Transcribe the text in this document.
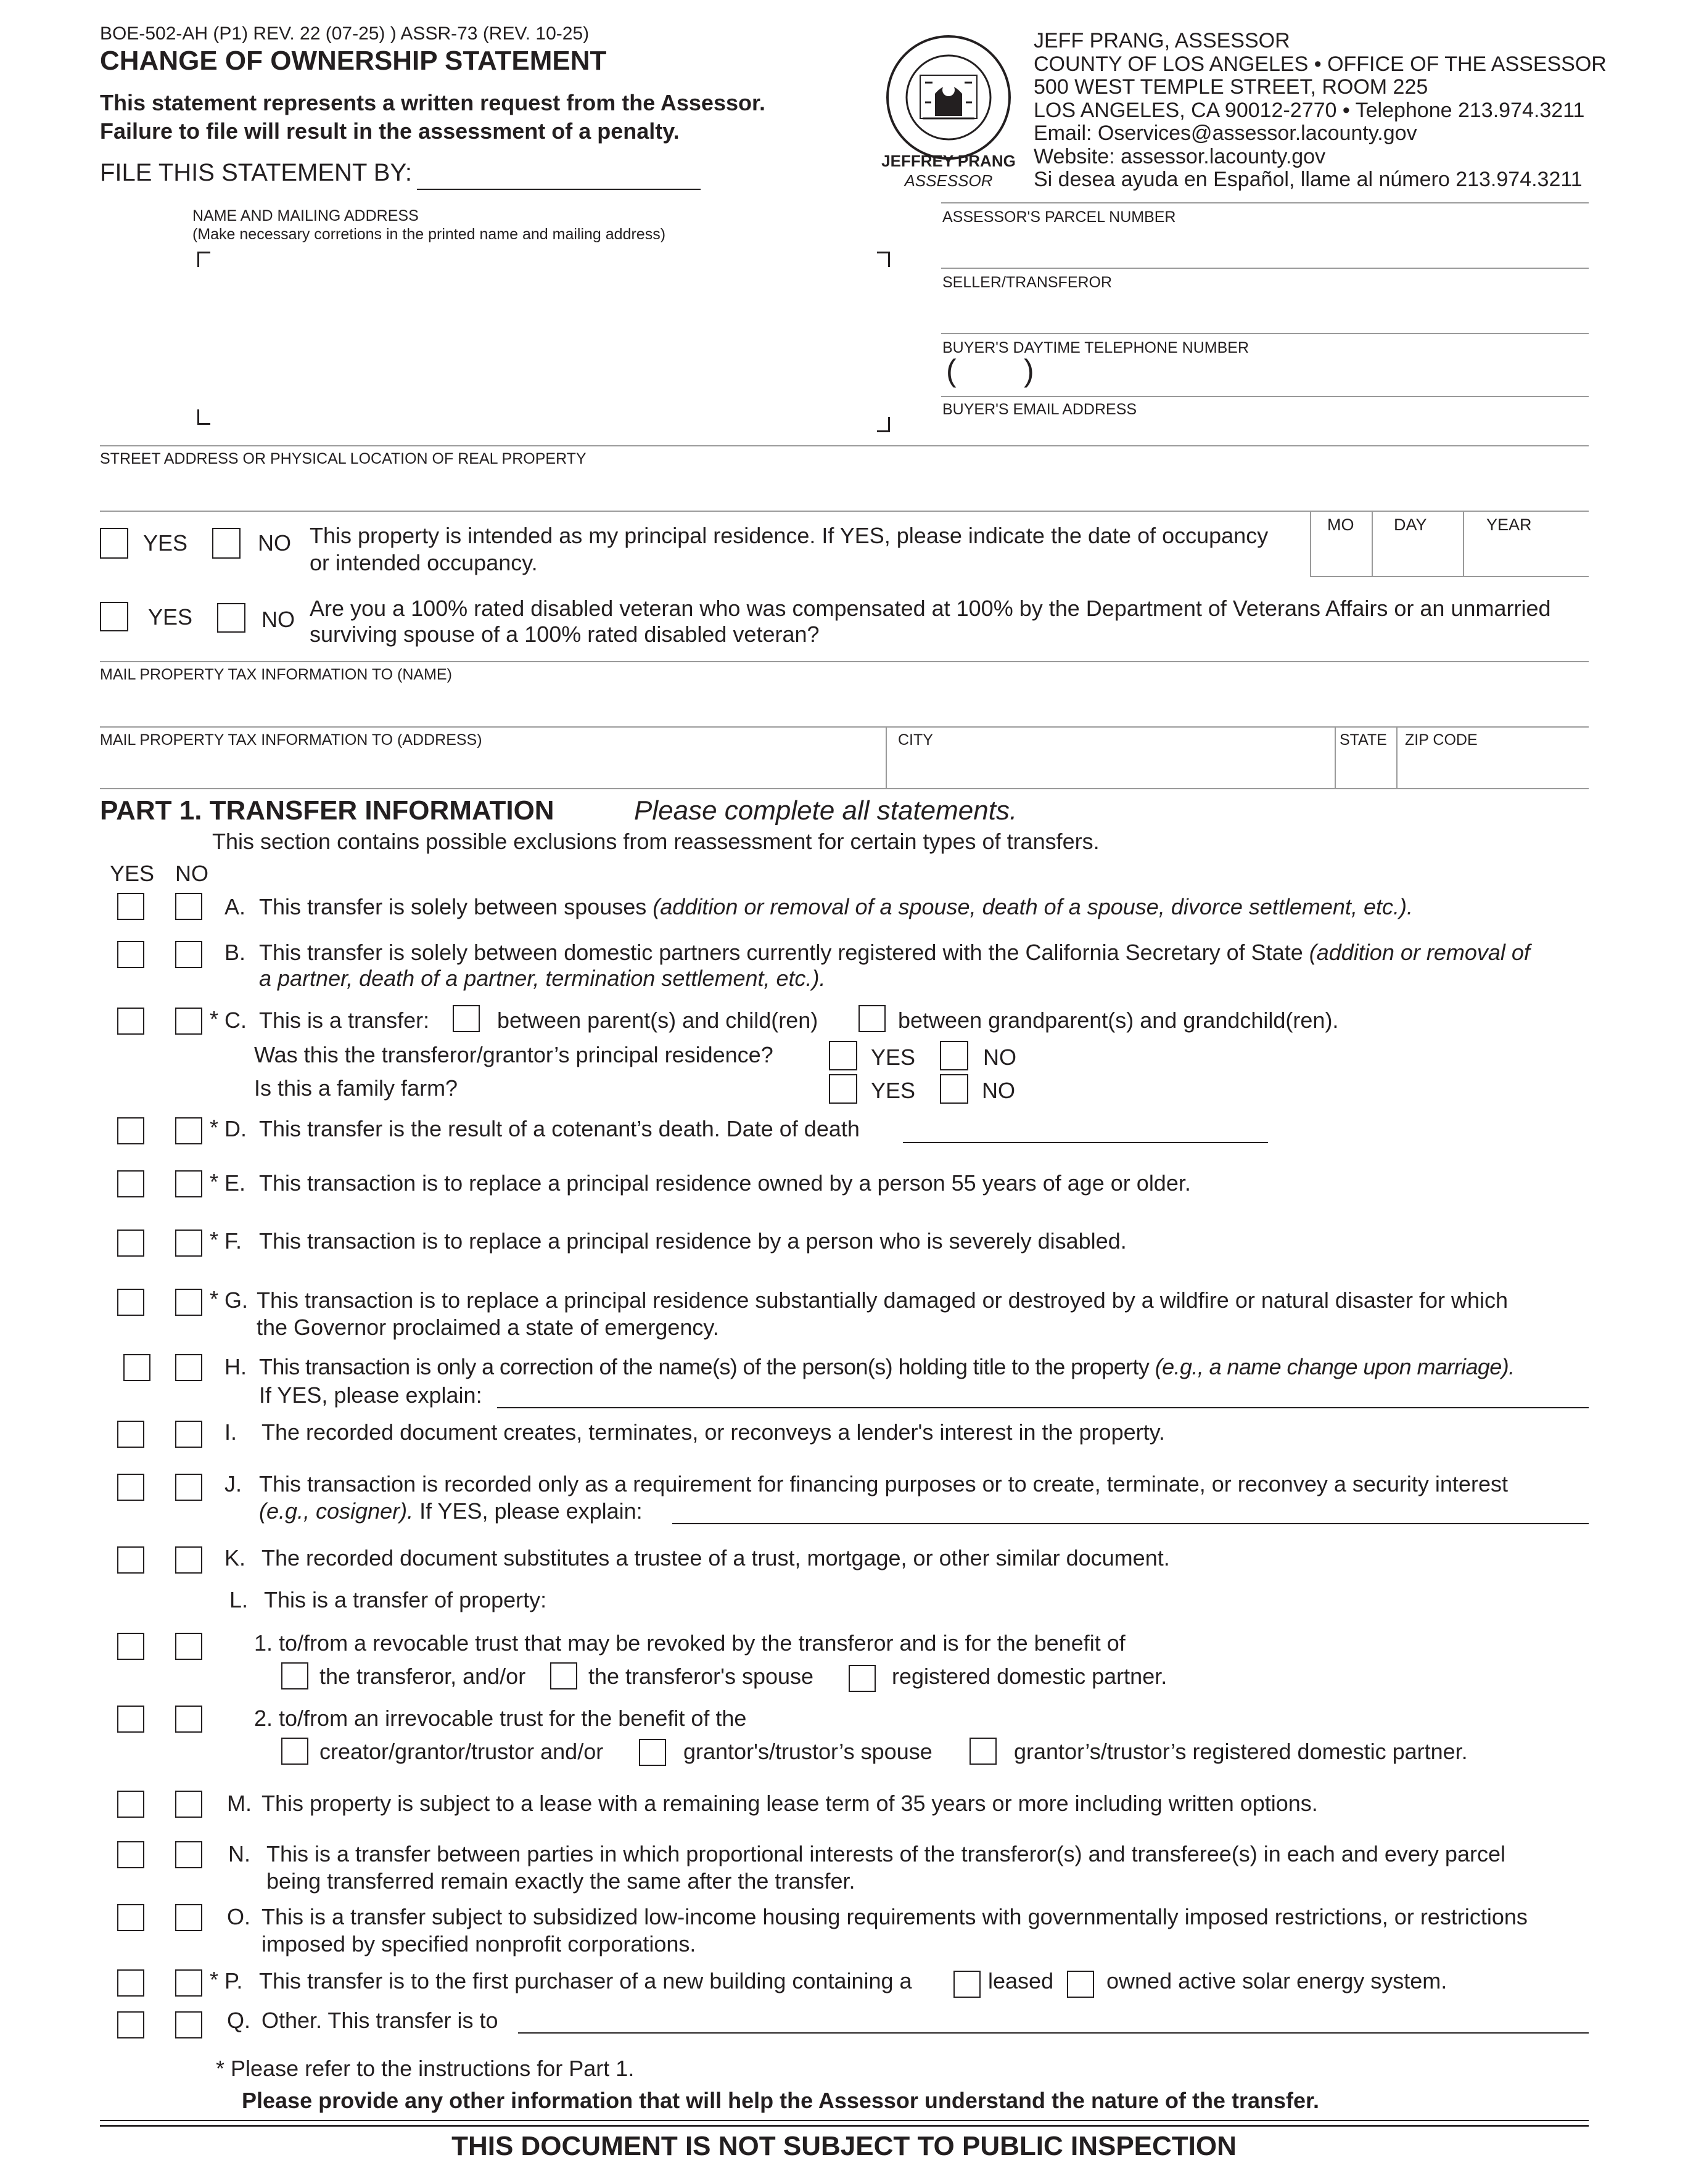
BOE-502-AH (P1) REV. 22 (07-25) ) ASSR-73 (REV. 10-25)
CHANGE OF OWNERSHIP STATEMENT
This statement represents a written request from the Assessor.
Failure to file will result in the assessment of a penalty.
FILE THIS STATEMENT BY:	JEFFREY PRANG
ASSESSOR
JEFF PRANG, ASSESSOR
COUNTY OF LOS ANGELES • OFFICE OF THE ASSESSOR
500 WEST TEMPLE STREET, ROOM 225
LOS ANGELES, CA 90012-2770 • Telephone 213.974.3211
Email: Oservices@assessor.lacounty.gov
Website: assessor.lacounty.gov
Si desea ayuda en Español, llame al número 213.974.3211
NAME AND MAILING ADDRESS
(Make necessary corretions in the printed name and mailing address)
ASSESSOR'S PARCEL NUMBER
SELLER/TRANSFEROR
BUYER'S DAYTIME TELEPHONE NUMBER
( )
BUYER'S EMAIL ADDRESS
STREET ADDRESS OR PHYSICAL LOCATION OF REAL PROPERTY
YES	NO This property is intended as my principal residence. If YES, please indicate the date of occupancy
or intended occupancy.
MO DAY	YEAR
YES	NO Are you a 100% rated disabled veteran who was compensated at 100% by the Department of Veterans Affairs or an unmarried
surviving spouse of a 100% rated disabled veteran?
MAIL PROPERTY TAX INFORMATION TO (NAME)
MAIL PROPERTY TAX INFORMATION TO (ADDRESS)	CITY	STATE ZIP CODE
PART 1. TRANSFER INFORMATION	Please complete all statements.
This section contains possible exclusions from reassessment for certain types of transfers.
YES NO
A. This transfer is solely between spouses (addition or removal of a spouse, death of a spouse, divorce settlement, etc.).
B. This transfer is solely between domestic partners currently registered with the California Secretary of State (addition or removal of
a partner, death of a partner, termination settlement, etc.).
* C. This is a transfer:	between parent(s) and child(ren)	between grandparent(s) and grandchild(ren).
Was this the transferor/grantor’s principal residence?	YES	NO
Is this a family farm?	YES	NO
* D. This transfer is the result of a cotenant’s death. Date of death
* E. This transaction is to replace a principal residence owned by a person 55 years of age or older.
* F. This transaction is to replace a principal residence by a person who is severely disabled.
* G. This transaction is to replace a principal residence substantially damaged or destroyed by a wildfire or natural disaster for which
the Governor proclaimed a state of emergency.
H. This transaction is only a correction of the name(s) of the person(s) holding title to the property (e.g., a name change upon marriage).
If YES, please explain:
I. The recorded document creates, terminates, or reconveys a lender's interest in the property.
J. This transaction is recorded only as a requirement for financing purposes or to create, terminate, or reconvey a security interest
(e.g., cosigner). If YES, please explain:
K. The recorded document substitutes a trustee of a trust, mortgage, or other similar document.
L. This is a transfer of property:
1. to/from a revocable trust that may be revoked by the transferor and is for the benefit of
the transferor, and/or	the transferor's spouse	registered domestic partner.
2. to/from an irrevocable trust for the benefit of the
creator/grantor/trustor and/or	grantor's/trustor’s spouse	grantor’s/trustor’s registered domestic partner.
M. This property is subject to a lease with a remaining lease term of 35 years or more including written options.
N. This is a transfer between parties in which proportional interests of the transferor(s) and transferee(s) in each and every parcel
being transferred remain exactly the same after the transfer.
O. This is a transfer subject to subsidized low-income housing requirements with governmentally imposed restrictions, or restrictions
imposed by specified nonprofit corporations.
* P. This transfer is to the first purchaser of a new building containing a	leased owned active solar energy system.
Q. Other. This transfer is to
* Please refer to the instructions for Part 1.
Please provide any other information that will help the Assessor understand the nature of the transfer.
THIS DOCUMENT IS NOT SUBJECT TO PUBLIC INSPECTION
